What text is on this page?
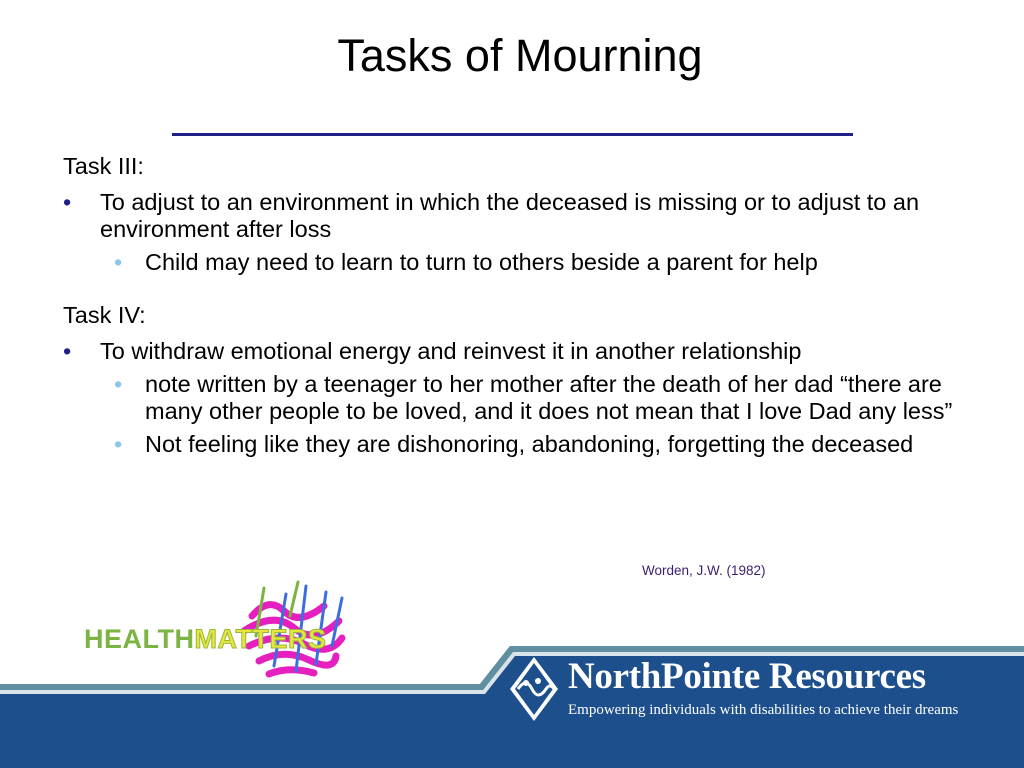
Tasks of Mourning

Task III:

• To adjust to an environment in which the deceased is missing or to adjust to an environment after loss
• Child may need to learn to turn to others beside a parent for help

Task IV:

• To withdraw emotional energy and reinvest it in another relationship
• note written by a teenager to her mother after the death of her dad “there are many other people to be loved, and it does not mean that I love Dad any less”
• Not feeling like they are dishonoring, abandoning, forgetting the deceased
Worden, J.W. (1982)
HEALTHMATTERS
NorthPointe Resources
Empowering individuals with disabilities to achieve their dreams
